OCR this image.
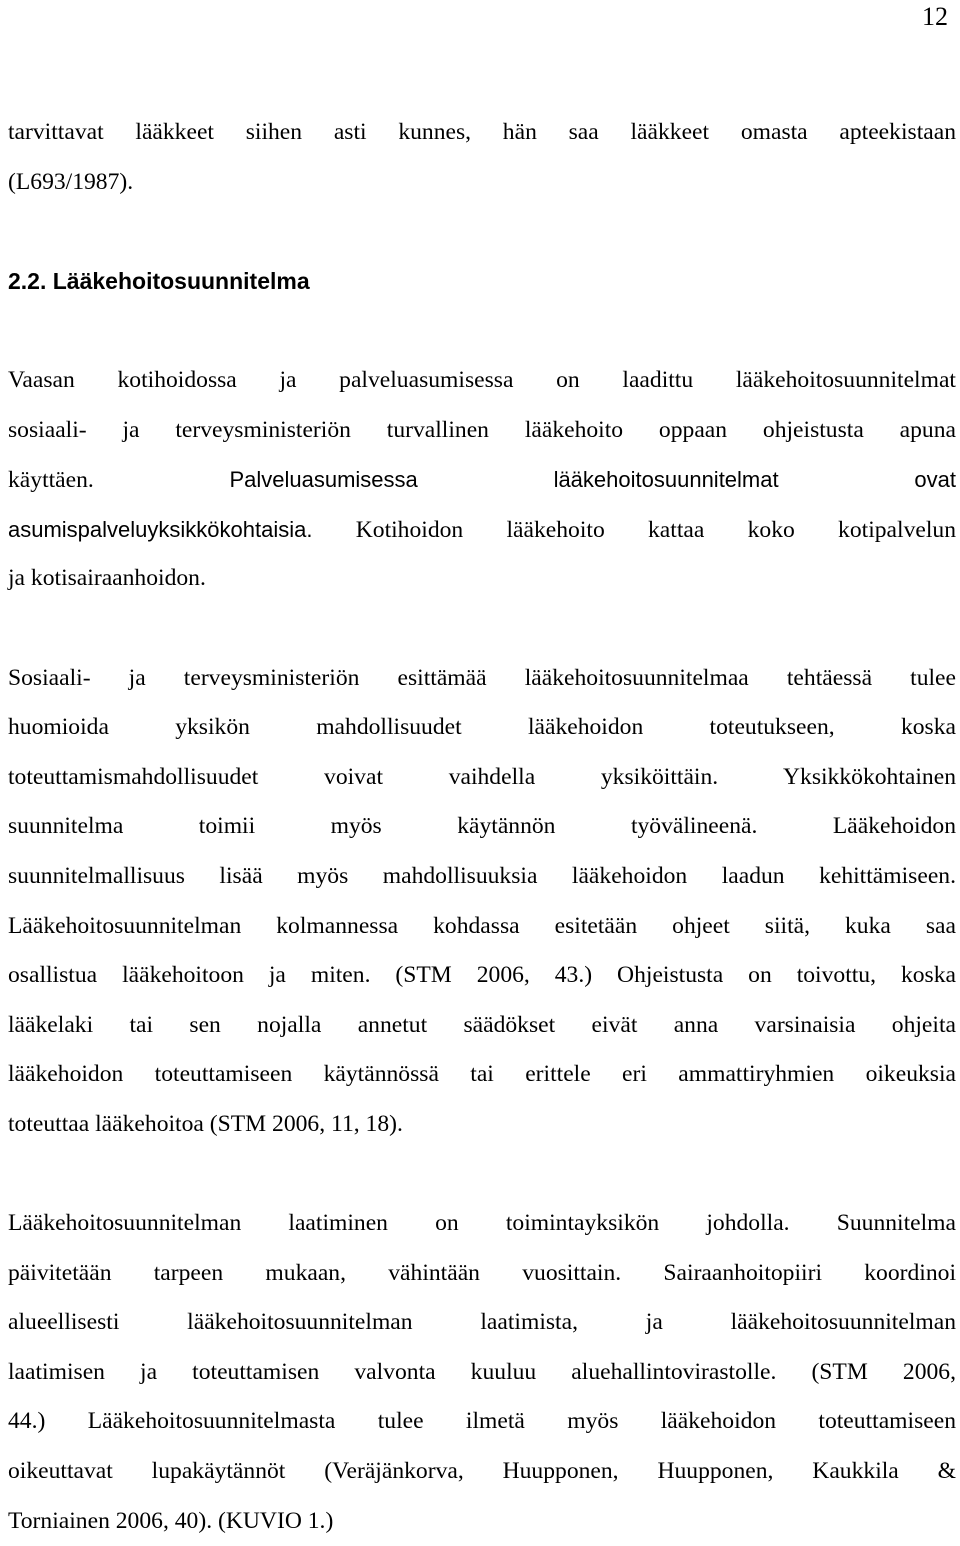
12
tarvittavat lääkkeet siihen asti kunnes, hän saa lääkkeet omasta apteekistaan
(L693/1987).
2.2. Lääkehoitosuunnitelma
Vaasan kotihoidossa ja palveluasumisessa on laadittu lääkehoitosuunnitelmat
sosiaali- ja terveysministeriön turvallinen lääkehoito oppaan ohjeistusta apuna
käyttäen.	Palveluasumisessa lääkehoitosuunnitelmat ovat
asumispalveluyksikkökohtaisia. Kotihoidon lääkehoito kattaa koko kotipalvelun
ja kotisairaanhoidon.
Sosiaali- ja terveysministeriön esittämää lääkehoitosuunnitelmaa tehtäessä tulee
huomioida yksikön mahdollisuudet lääkehoidon toteutukseen, koska
toteuttamismahdollisuudet voivat vaihdella yksiköittäin. Yksikkökohtainen
suunnitelma toimii myös käytännön työvälineenä. Lääkehoidon
suunnitelmallisuus lisää myös mahdollisuuksia lääkehoidon laadun kehittämiseen.
Lääkehoitosuunnitelman kolmannessa kohdassa esitetään ohjeet siitä, kuka saa
osallistua lääkehoitoon ja miten. (STM 2006, 43.) Ohjeistusta on toivottu, koska
lääkelaki tai sen nojalla annetut säädökset eivät anna varsinaisia ohjeita
lääkehoidon toteuttamiseen käytännössä tai erittele eri ammattiryhmien oikeuksia
toteuttaa lääkehoitoa (STM 2006, 11, 18).
Lääkehoitosuunnitelman laatiminen on toimintayksikön johdolla. Suunnitelma
päivitetään tarpeen mukaan, vähintään vuosittain. Sairaanhoitopiiri koordinoi
alueellisesti lääkehoitosuunnitelman laatimista, ja lääkehoitosuunnitelman
laatimisen ja toteuttamisen valvonta kuuluu aluehallintovirastolle. (STM 2006,
44.) Lääkehoitosuunnitelmasta tulee ilmetä myös lääkehoidon toteuttamiseen
oikeuttavat lupakäytännöt (Veräjänkorva, Huupponen, Huupponen, Kaukkila &
Torniainen 2006, 40). (KUVIO 1.)
